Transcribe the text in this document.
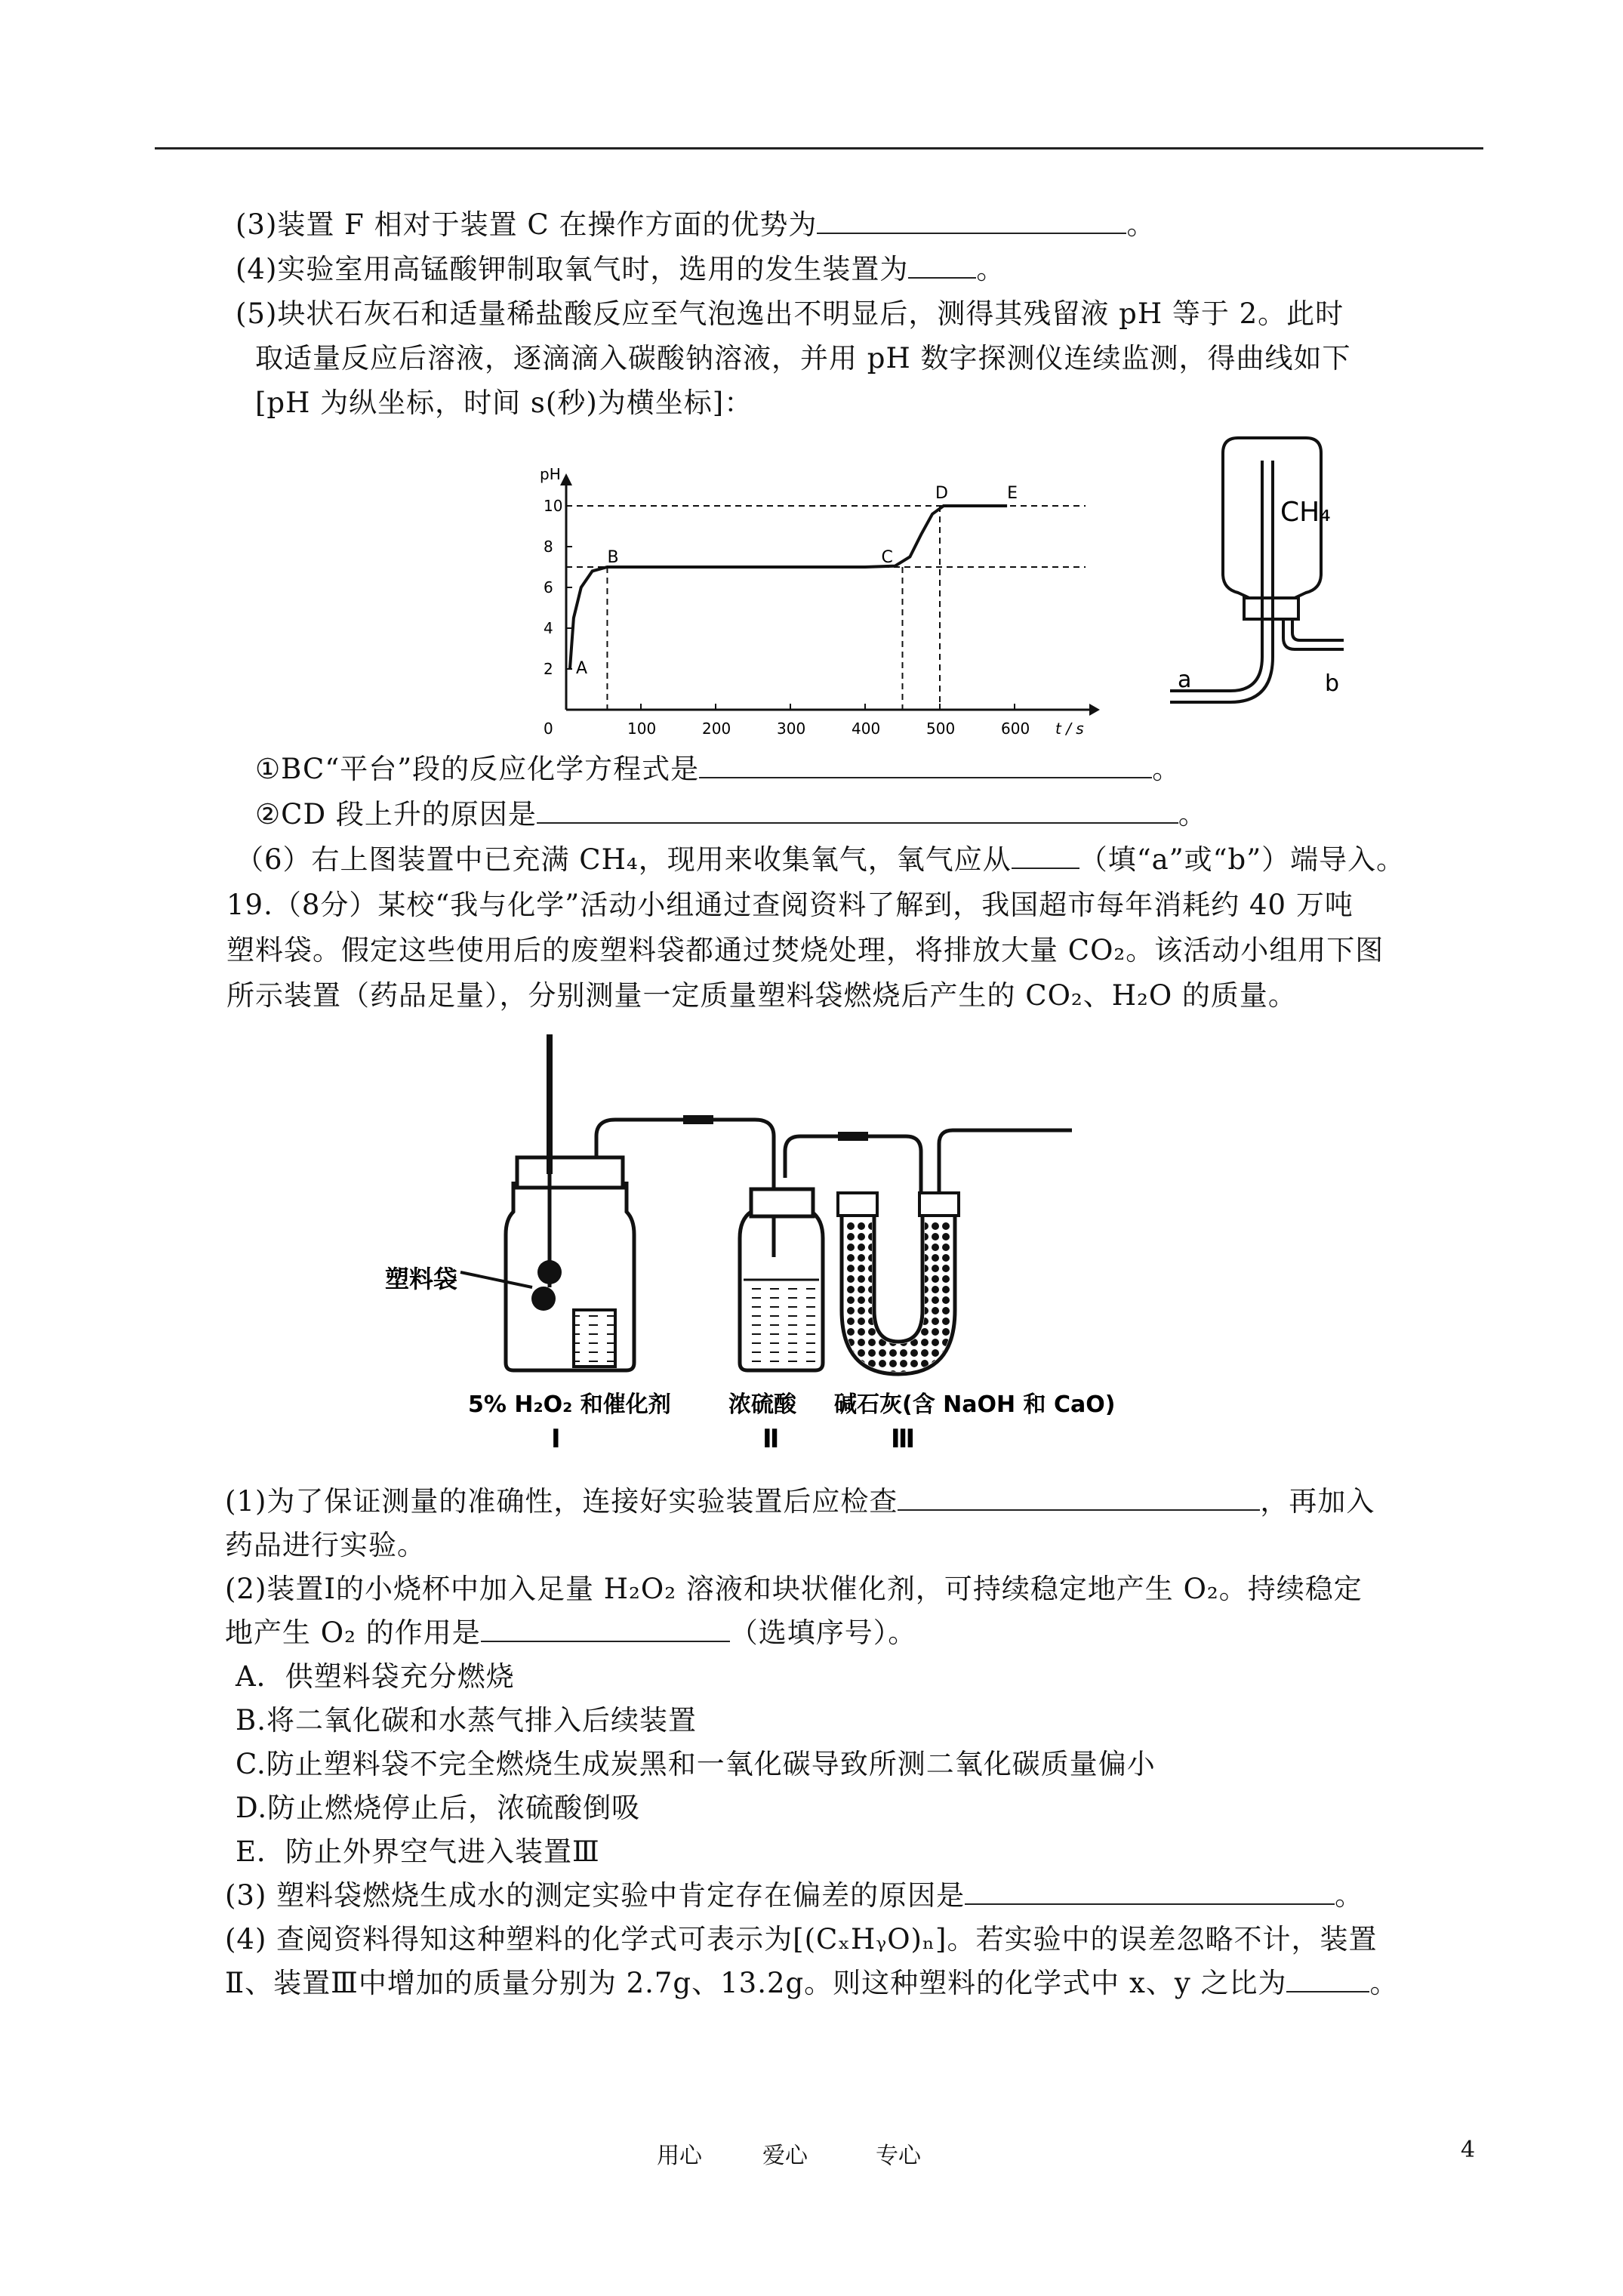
(3)装置 F 相对于装置 C 在操作方面的优势为	。
(4)实验室用高锰酸钾制取氧气时，选用的发生装置为 。
(5)块状石灰石和适量稀盐酸反应至气泡逸出不明显后，测得其残留液 pH 等于 2。此时
取适量反应后溶液，逐滴滴入碳酸钠溶液，并用 pH 数字探测仪连续监测，得曲线如下
[pH 为纵坐标，时间 s(秒)为横坐标]：
2
4
6
8
10
100	200	300	400	500	600
0
pH
t / s
A
B	C
D	E
CH₄
a	b
①BC“平台”段的反应化学方程式是	。
②CD 段上升的原因是	。
（6）右上图装置中已充满 CH₄，现用来收集氧气，氧气应从 （填“a”或“b”）端导入。
19.（8分）某校“我与化学”活动小组通过查阅资料了解到，我国超市每年消耗约 40 万吨
塑料袋。假定这些使用后的废塑料袋都通过焚烧处理，将排放大量 CO₂。该活动小组用下图
所示装置（药品足量），分别测量一定质量塑料袋燃烧后产生的 CO₂、H₂O 的质量。
塑料袋
5% H₂O₂ 和催化剂	浓硫酸 碱石灰(含 NaOH 和 CaO)
Ⅰ	Ⅱ	Ⅲ
(1)为了保证测量的准确性，连接好实验装置后应检查	，再加入
药品进行实验。
(2)装置Ⅰ的小烧杯中加入足量 H₂O₂ 溶液和块状催化剂，可持续稳定地产生 O₂。持续稳定
地产生 O₂ 的作用是	（选填序号）。
A．供塑料袋充分燃烧
B.将二氧化碳和水蒸气排入后续装置
C.防止塑料袋不完全燃烧生成炭黑和一氧化碳导致所测二氧化碳质量偏小
D.防止燃烧停止后，浓硫酸倒吸
E．防止外界空气进入装置Ⅲ
(3) 塑料袋燃烧生成水的测定实验中肯定存在偏差的原因是	。
(4) 查阅资料得知这种塑料的化学式可表示为[(CₓHᵧO)ₙ]。若实验中的误差忽略不计，装置
Ⅱ、装置Ⅲ中增加的质量分别为 2.7g、13.2g。则这种塑料的化学式中 x、y 之比为	。
用心	爱心	专心	4
